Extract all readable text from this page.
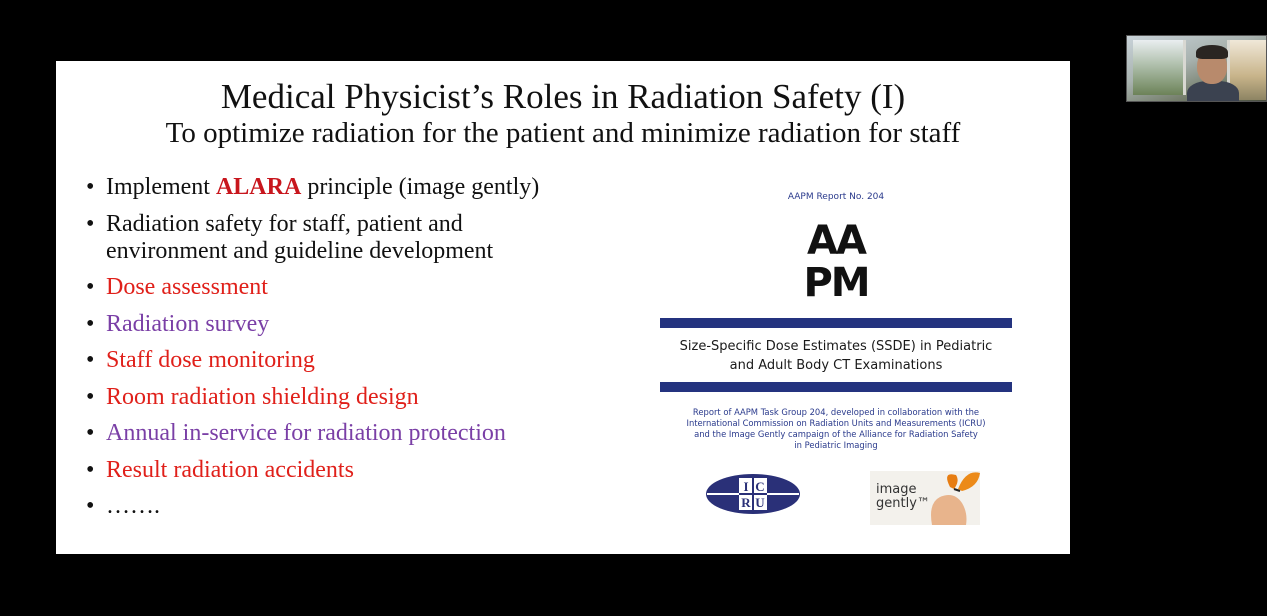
Medical Physicist’s Roles in Radiation Safety (I)
To optimize radiation for the patient and minimize radiation for staff
• Implement ALARA principle (image gently)
• Radiation safety for staff, patient and
environment and guideline development
• Dose assessment
• Radiation survey
• Staff dose monitoring
• Room radiation shielding design
• Annual in-service for radiation protection
• Result radiation accidents
• …….
AAPM Report No. 204
AA
PM
Size-Specific Dose Estimates (SSDE) in Pediatric
and Adult Body CT Examinations
Report of AAPM Task Group 204, developed in collaboration with the
International Commission on Radiation Units and Measurements (ICRU)
and the Image Gently campaign of the Alliance for Radiation Safety
in Pediatric Imaging
I C
R U
image
gently™
